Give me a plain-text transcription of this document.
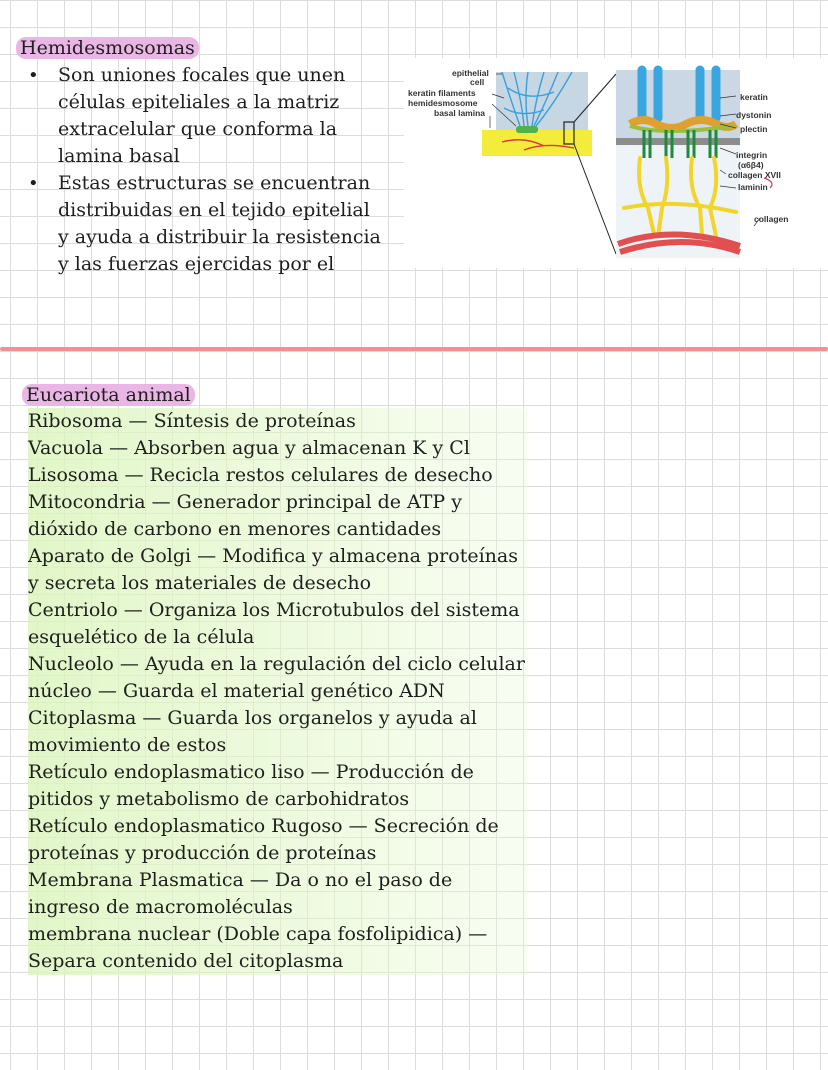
Hemidesmosomas
• Son uniones focales que unen células epiteliales a la matriz extracelular que conforma la lamina basal
• Estas estructuras se encuentran distribuidas en el tejido epitelial y ayuda a distribuir la resistencia y las fuerzas ejercidas por el
epithelial
cell
keratin filaments
hemidesmosome
basal lamina
keratin
dystonin
plectin
integrin
(α6β4)
collagen XVII
laminin
collagen
Eucariota animal
Ribosoma — Síntesis de proteínas
Vacuola — Absorben agua y almacenan K y Cl
Lisosoma — Recicla restos celulares de desecho
Mitocondria — Generador principal de ATP y dióxido de carbono en menores cantidades
Aparato de Golgi — Modifica y almacena proteínas y secreta los materiales de desecho
Centriolo — Organiza los Microtubulos del sistema esquelético de la célula
Nucleolo — Ayuda en la regulación del ciclo celular
núcleo — Guarda el material genético ADN
Citoplasma — Guarda los organelos y ayuda al movimiento de estos
Retículo endoplasmatico liso — Producción de pitidos y metabolismo de carbohidratos
Retículo endoplasmatico Rugoso — Secreción de proteínas y producción de proteínas
Membrana Plasmatica — Da o no el paso de ingreso de macromoléculas
membrana nuclear (Doble capa fosfolipidica) — Separa contenido del citoplasma
